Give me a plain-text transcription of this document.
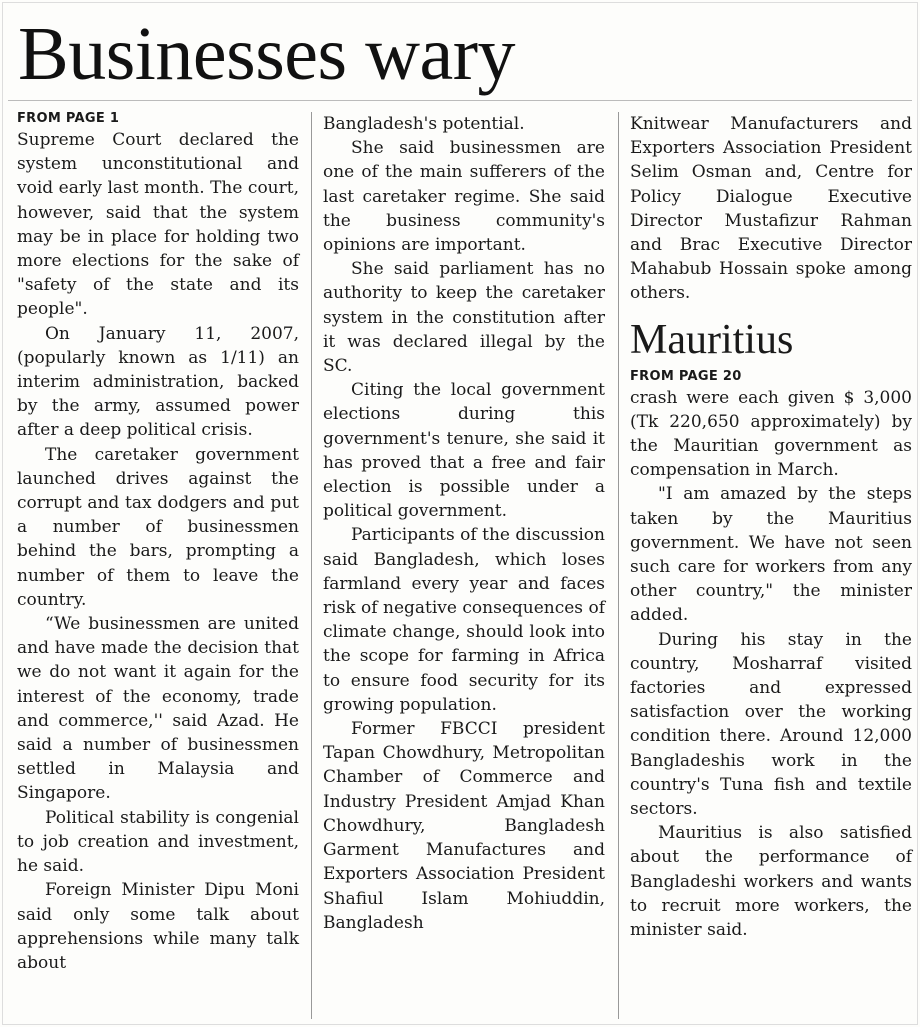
Businesses wary
FROM PAGE 1

Supreme Court declared the system unconstitutional and void early last month. The court, however, said that the system may be in place for holding two more elections for the sake of "safety of the state and its people".

On January 11, 2007, (popularly known as 1/11) an interim administration, backed by the army, assumed power after a deep political crisis.

The caretaker government launched drives against the corrupt and tax dodgers and put a number of businessmen behind the bars, prompting a number of them to leave the country.

“We businessmen are united and have made the decision that we do not want it again for the interest of the economy, trade and commerce,'' said Azad. He said a number of businessmen settled in Malaysia and Singapore.

Political stability is congenial to job creation and investment, he said.

Foreign Minister Dipu Moni said only some talk about apprehensions while many talk about

Bangladesh's potential.

She said businessmen are one of the main sufferers of the last caretaker regime. She said the business community's opinions are important.

She said parliament has no authority to keep the caretaker system in the constitution after it was declared illegal by the SC.

Citing the local government elections during this government's tenure, she said it has proved that a free and fair election is possible under a political government.

Participants of the discussion said Bangladesh, which loses farmland every year and faces risk of negative consequences of climate change, should look into the scope for farming in Africa to ensure food security for its growing population.

Former FBCCI president Tapan Chowdhury, Metropolitan Chamber of Commerce and Industry President Amjad Khan Chowdhury, Bangladesh Garment Manufactures and Exporters Association President Shafiul Islam Mohiuddin, Bangladesh

Knitwear Manufacturers and Exporters Association President Selim Osman and, Centre for Policy Dialogue Executive Director Mustafizur Rahman and Brac Executive Director Mahabub Hossain spoke among others.

Mauritius
FROM PAGE 20

crash were each given $ 3,000 (Tk 220,650 approximately) by the Mauritian government as compensation in March.

"I am amazed by the steps taken by the Mauritius government. We have not seen such care for workers from any other country," the minister added.

During his stay in the country, Mosharraf visited factories and expressed satisfaction over the working condition there. Around 12,000 Bangladeshis work in the country's Tuna fish and textile sectors.

Mauritius is also satisfied about the performance of Bangladeshi workers and wants to recruit more workers, the minister said.
